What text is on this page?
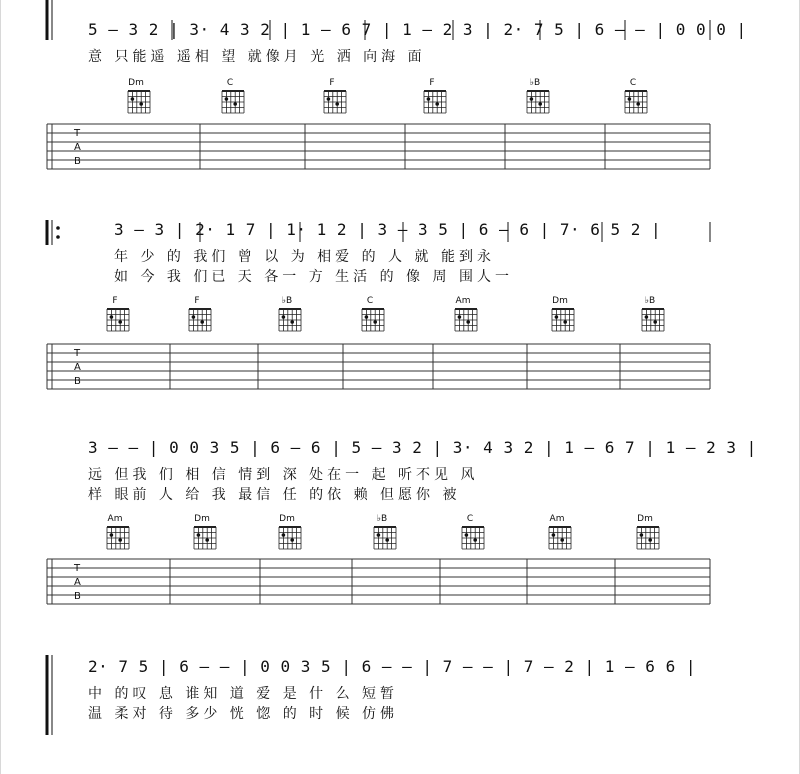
5 – 3 2 | 3· 4 3 2 | 1 – 6 7 | 1 – 2 3 | 2· 7 5 | 6 – – | 0 0 0 |
意 只能遥 遥相 望 就像月 光 洒 向海 面
Dm	C	F	F	♭B	C
3 – 3 | 2· 1 7 | 1· 1 2 | 3 – 3 5 | 6 – 6 | 7· 6 5 2 |
年 少 的 我们 曾 以 为 相爱 的 人 就 能到永
如 今 我 们已 天 各一 方 生活 的 像 周 围人一
F	F	♭B	C	Am	Dm	♭B
3 – – | 0 0 3 5 | 6 – 6 | 5 – 3 2 | 3· 4 3 2 | 1 – 6 7 | 1 – 2 3 |
远 但我 们 相 信 情到 深 处在一 起 听不见 风
样 眼前 人 给 我 最信 任 的依 赖 但愿你 被
Am	Dm	Dm	♭B	C	Am	Dm
2· 7 5 | 6 – – | 0 0 3 5 | 6 – – | 7 – – | 7 – 2 | 1 – 6 6 |
中 的叹 息 谁知 道 爱 是 什 么 短暂
温 柔对 待 多少 恍 惚 的 时 候 仿佛
T
A
B
T
A
B
T
A
B
